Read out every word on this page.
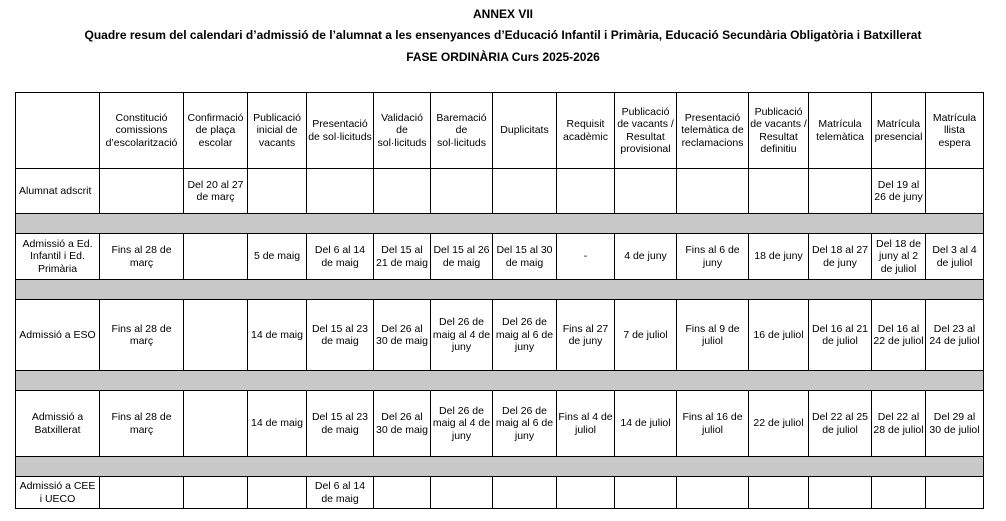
ANNEX VII
Quadre resum del calendari d’admissió de l’alumnat a les ensenyances d’Educació Infantil i Primària, Educació Secundària Obligatòria i Batxillerat
FASE ORDINÀRIA Curs 2025-2026
	Constitució comissions d’escolarització	Confirmació de plaça escolar	Publicació inicial de vacants	Presentació de sol·licituds	Validació de sol·licituds	Baremació de sol·licituds	Duplicitats	Requisit acadèmic	Publicació de vacants / Resultat provisional	Presentació telemàtica de reclamacions	Publicació de vacants / Resultat definitiu	Matrícula telemàtica	Matrícula presencial	Matrícula llista espera
Alumnat adscrit		Del 20 al 27 de març											Del 19 al 26 de juny	

Admissió a Ed. Infantil i Ed. Primària	Fins al 28 de març		5 de maig	Del 6 al 14 de maig	Del 15 al 21 de maig	Del 15 al 26 de maig	Del 15 al 30 de maig	-	4 de juny	Fins al 6 de juny	18 de juny	Del 18 al 27 de juny	Del 18 de juny al 2 de juliol	Del 3 al 4 de juliol

Admissió a ESO	Fins al 28 de març		14 de maig	Del 15 al 23 de maig	Del 26 al 30 de maig	Del 26 de maig al 4 de juny	Del 26 de maig al 6 de juny	Fins al 27 de juny	7 de juliol	Fins al 9 de juliol	16 de juliol	Del 16 al 21 de juliol	Del 16 al 22 de juliol	Del 23 al 24 de juliol

Admissió a Batxillerat	Fins al 28 de març		14 de maig	Del 15 al 23 de maig	Del 26 al 30 de maig	Del 26 de maig al 4 de juny	Del 26 de maig al 6 de juny	Fins al 4 de juliol	14 de juliol	Fins al 16 de juliol	22 de juliol	Del 22 al 25 de juliol	Del 22 al 28 de juliol	Del 29 al 30 de juliol

Admissió a CEE i UECO				Del 6 al 14 de maig										
